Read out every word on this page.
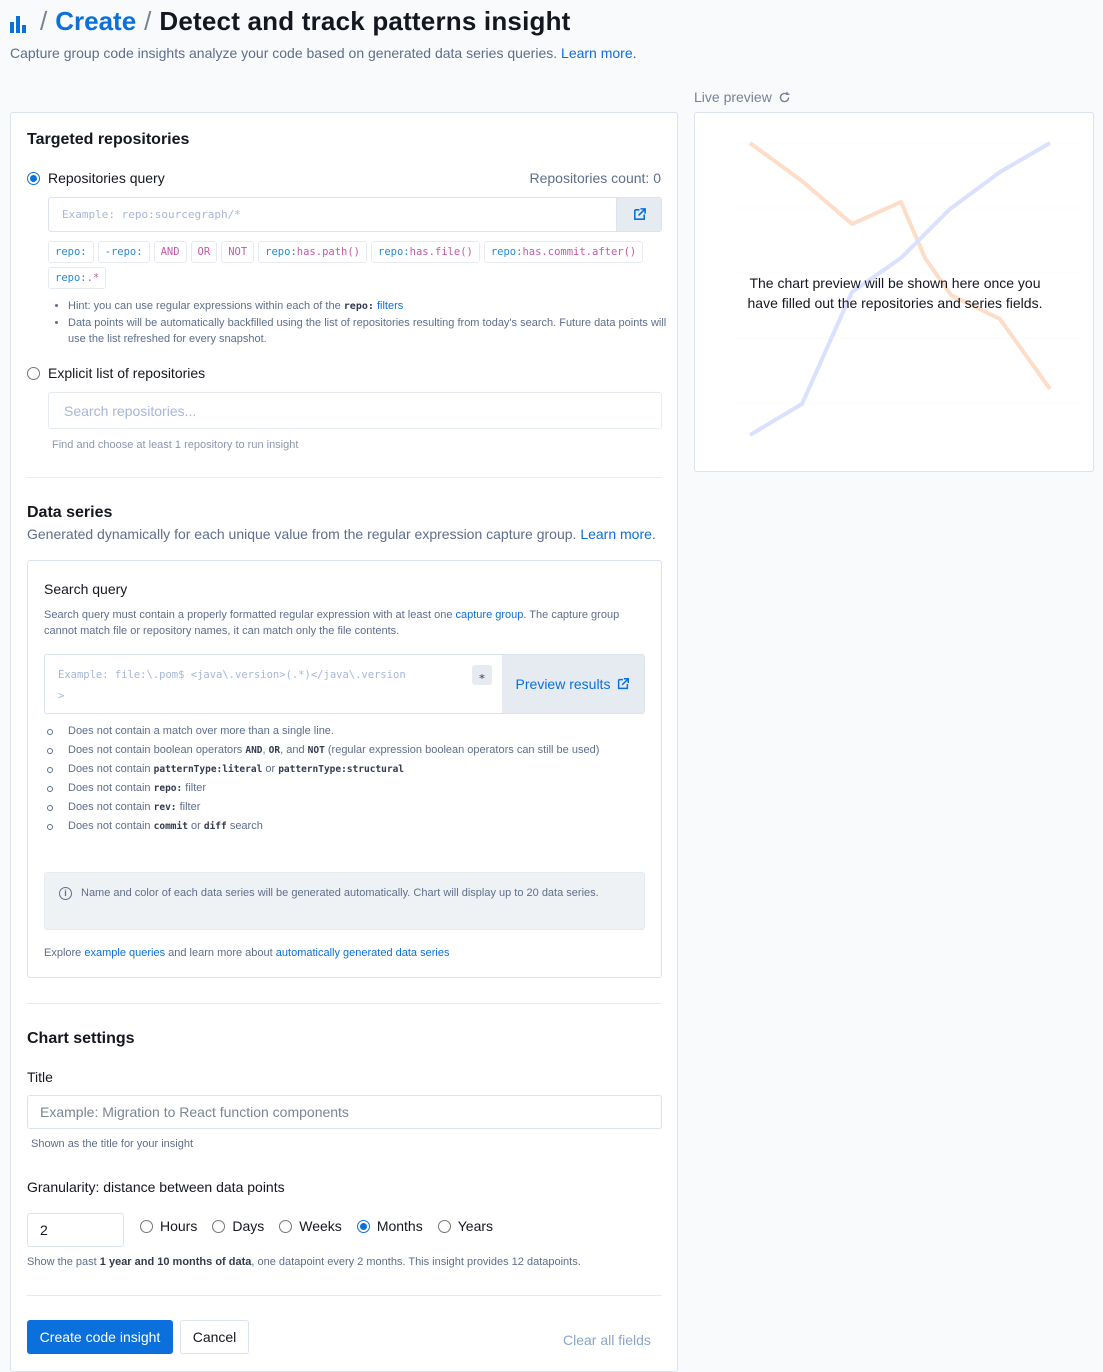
/ Create / Detect and track patterns insight
Capture group code insights analyze your code based on generated data series queries. Learn more.
Targeted repositories
Repositories query	Repositories count: 0
Example: repo:sourcegraph/*
repo:	-repo:	AND	OR	NOT	repo:has.path()	repo:has.file()	repo:has.commit.after()
repo:.*
• Hint: you can use regular expressions within each of the repo: filters
• Data points will be automatically backfilled using the list of repositories resulting from today's search. Future data points will use the list refreshed for every snapshot.
Explicit list of repositories
Search repositories...
Find and choose at least 1 repository to run insight
Data series
Generated dynamically for each unique value from the regular expression capture group. Learn more.
Search query
Search query must contain a properly formatted regular expression with at least one capture group. The capture group cannot match file or repository names, it can match only the file contents.
Example: file:\.pom$ <java\.version>(.*)</java\.version
>
⁎
Preview results
Does not contain a match over more than a single line.
Does not contain boolean operators AND, OR, and NOT (regular expression boolean operators can still be used)
Does not contain patternType:literal or patternType:structural
Does not contain repo: filter
Does not contain rev: filter
Does not contain commit or diff search
i	Name and color of each data series will be generated automatically. Chart will display up to 20 data series.
Explore example queries and learn more about automatically generated data series
Chart settings
Title
Example: Migration to React function components
Shown as the title for your insight
Granularity: distance between data points
2	Hours	Days	Weeks	Months	Years
Show the past 1 year and 10 months of data, one datapoint every 2 months. This insight provides 12 datapoints.
Create code insight	Cancel	Clear all fields
Live preview
The chart preview will be shown here once you have filled out the repositories and series fields.
